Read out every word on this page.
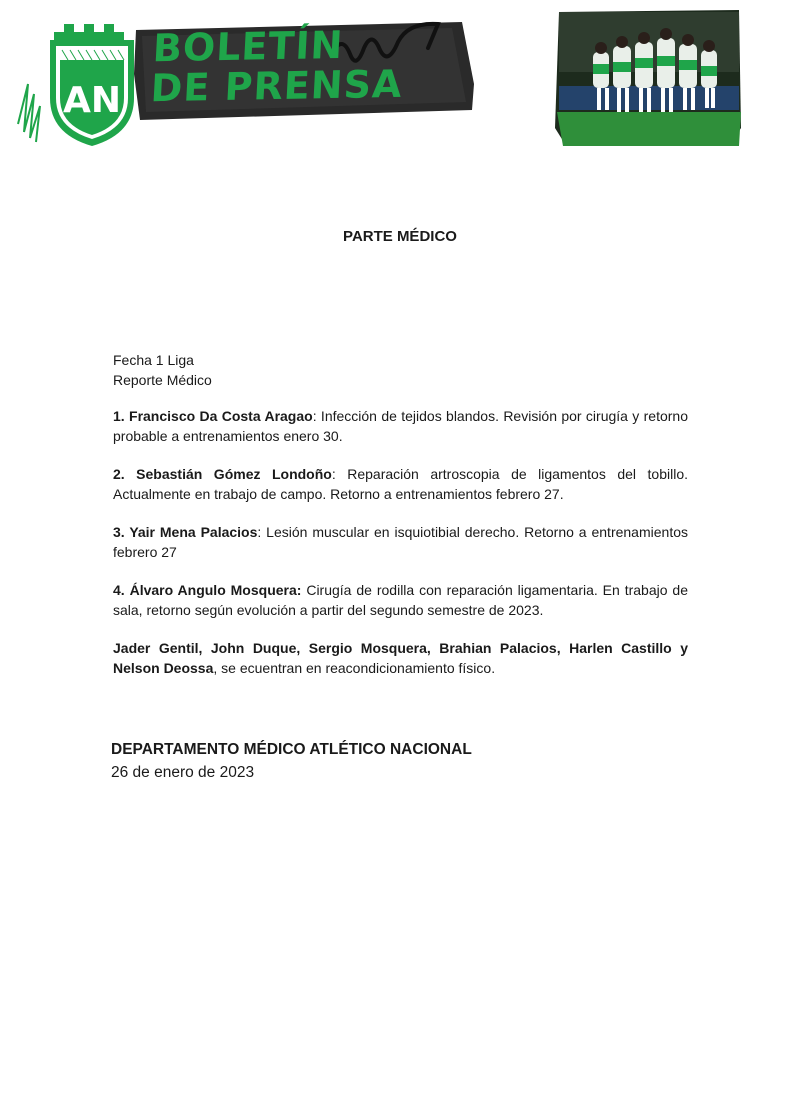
AN
BOLETÍN
DE PRENSA
PARTE MÉDICO

Fecha 1 Liga
Reporte Médico

1. Francisco Da Costa Aragao: Infección de tejidos blandos. Revisión por cirugía y retorno probable a entrenamientos enero 30.

2. Sebastián Gómez Londoño: Reparación artroscopia de ligamentos del tobillo. Actualmente en trabajo de campo. Retorno a entrenamientos febrero 27.

3. Yair Mena Palacios: Lesión muscular en isquiotibial derecho. Retorno a entrenamientos febrero 27

4. Álvaro Angulo Mosquera: Cirugía de rodilla con reparación ligamentaria. En trabajo de sala, retorno según evolución a partir del segundo semestre de 2023.

Jader Gentil, John Duque, Sergio Mosquera, Brahian Palacios, Harlen Castillo y Nelson Deossa, se ecuentran en reacondicionamiento físico.

DEPARTAMENTO MÉDICO ATLÉTICO NACIONAL
26 de enero de 2023
